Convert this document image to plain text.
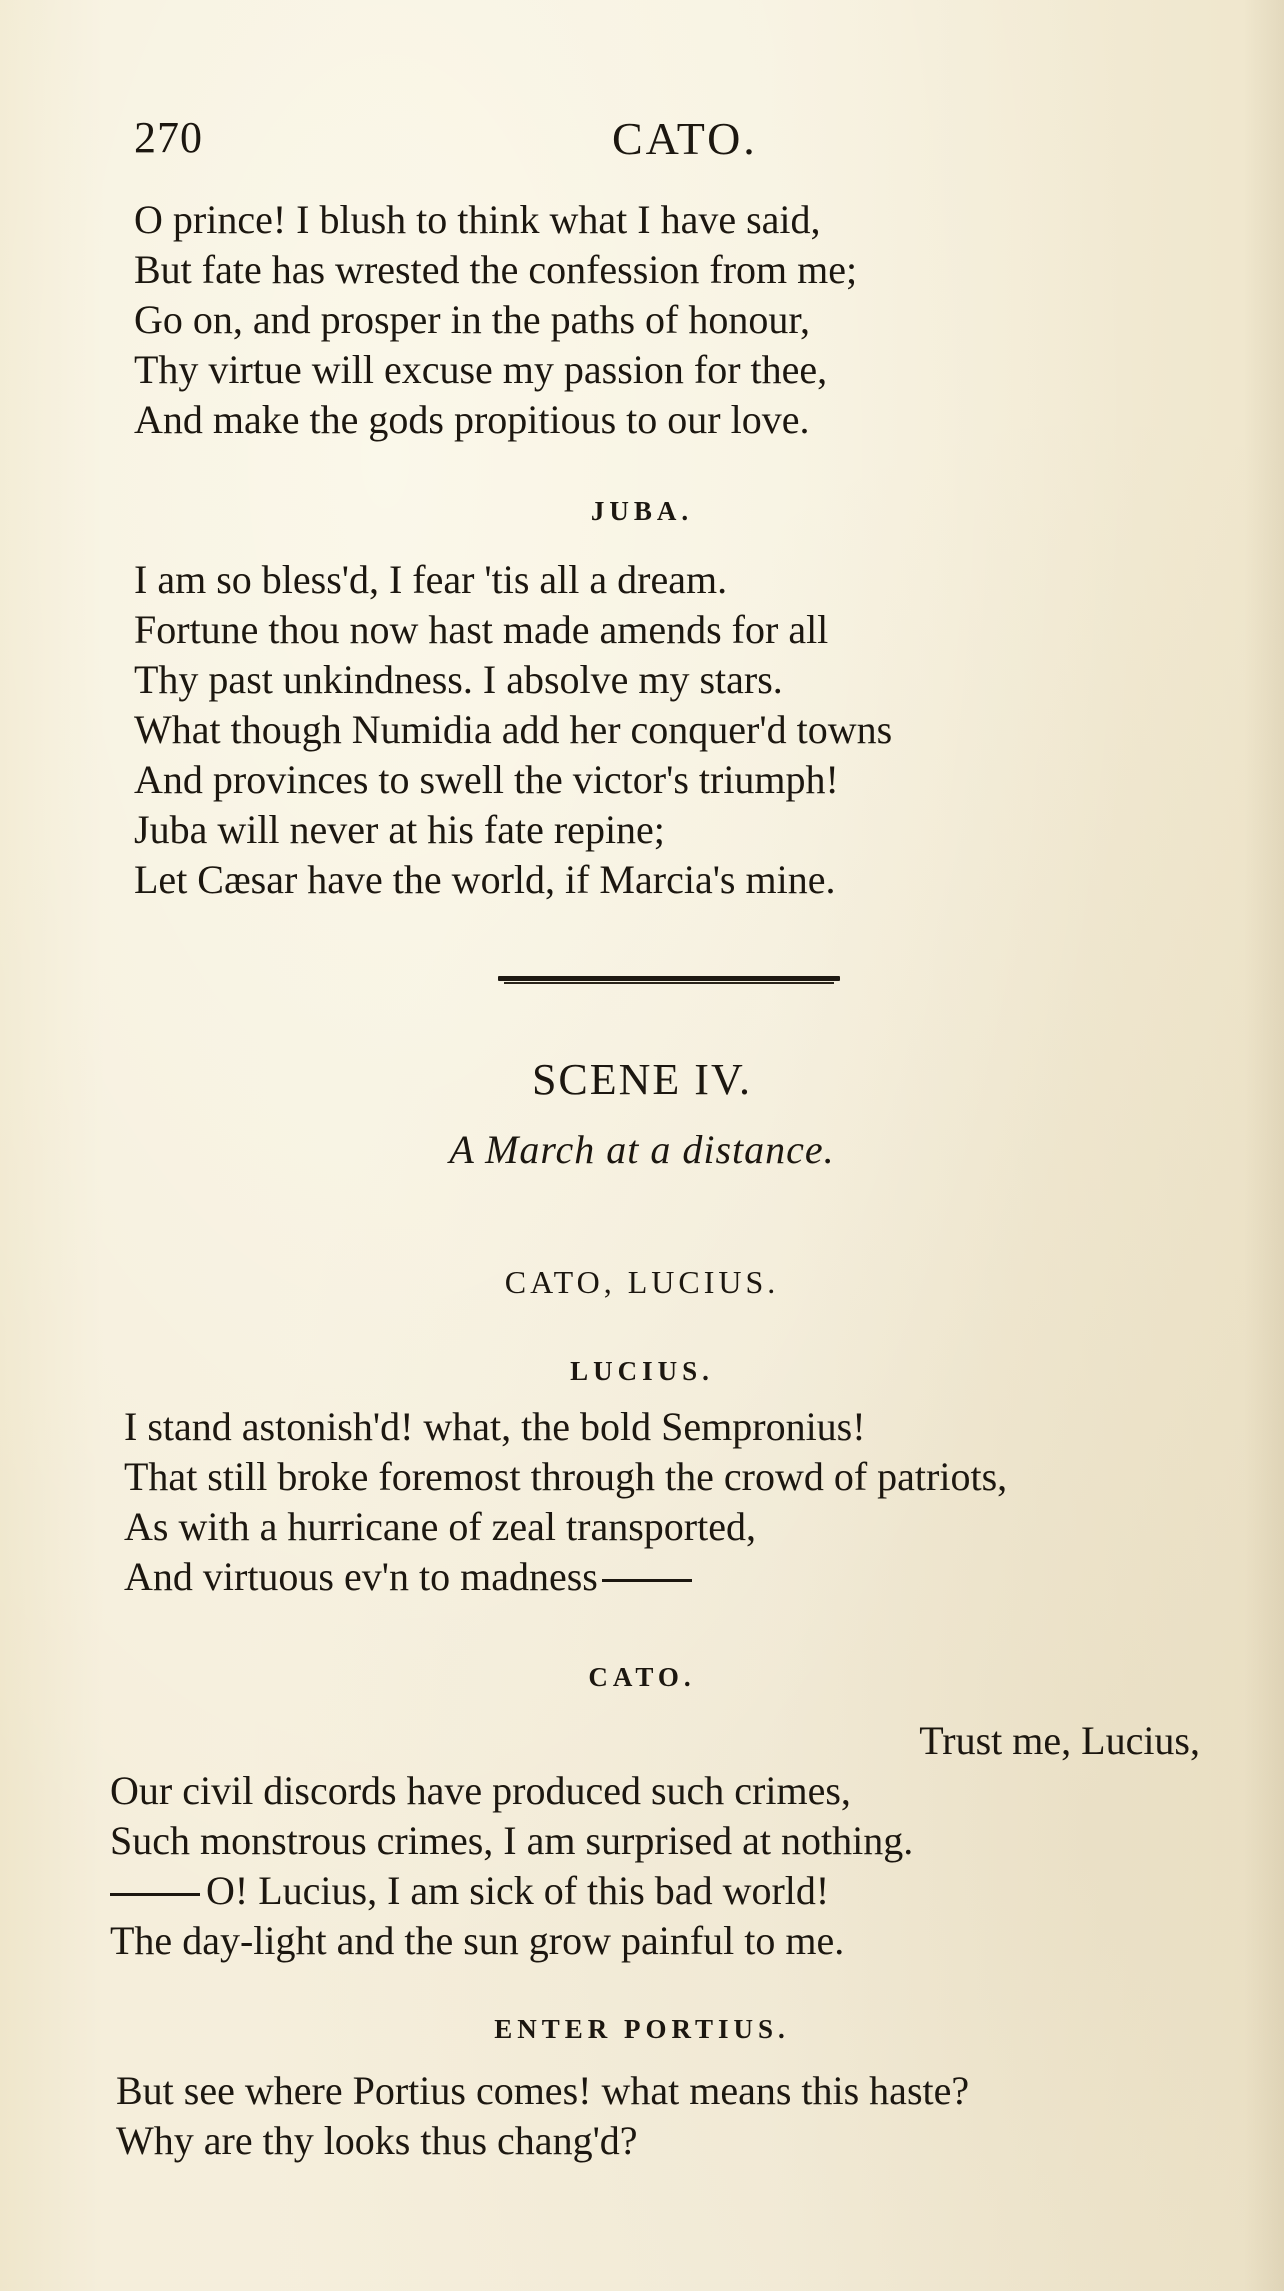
270	CATO.
O prince! I blush to think what I have said,
But fate has wrested the confession from me;
Go on, and prosper in the paths of honour,
Thy virtue will excuse my passion for thee,
And make the gods propitious to our love.
JUBA.
I am so bless'd, I fear 'tis all a dream.
Fortune thou now hast made amends for all
Thy past unkindness. I absolve my stars.
What though Numidia add her conquer'd towns
And provinces to swell the victor's triumph!
Juba will never at his fate repine;
Let Cæsar have the world, if Marcia's mine.
SCENE IV.
A March at a distance.
CATO, LUCIUS.
LUCIUS.
I stand astonish'd! what, the bold Sempronius!
That still broke foremost through the crowd of patriots,
As with a hurricane of zeal transported,
And virtuous ev'n to madness
CATO.
Trust me, Lucius,
Our civil discords have produced such crimes,
Such monstrous crimes, I am surprised at nothing.
O! Lucius, I am sick of this bad world!
The day-light and the sun grow painful to me.
ENTER PORTIUS.
But see where Portius comes! what means this haste?
Why are thy looks thus chang'd?
